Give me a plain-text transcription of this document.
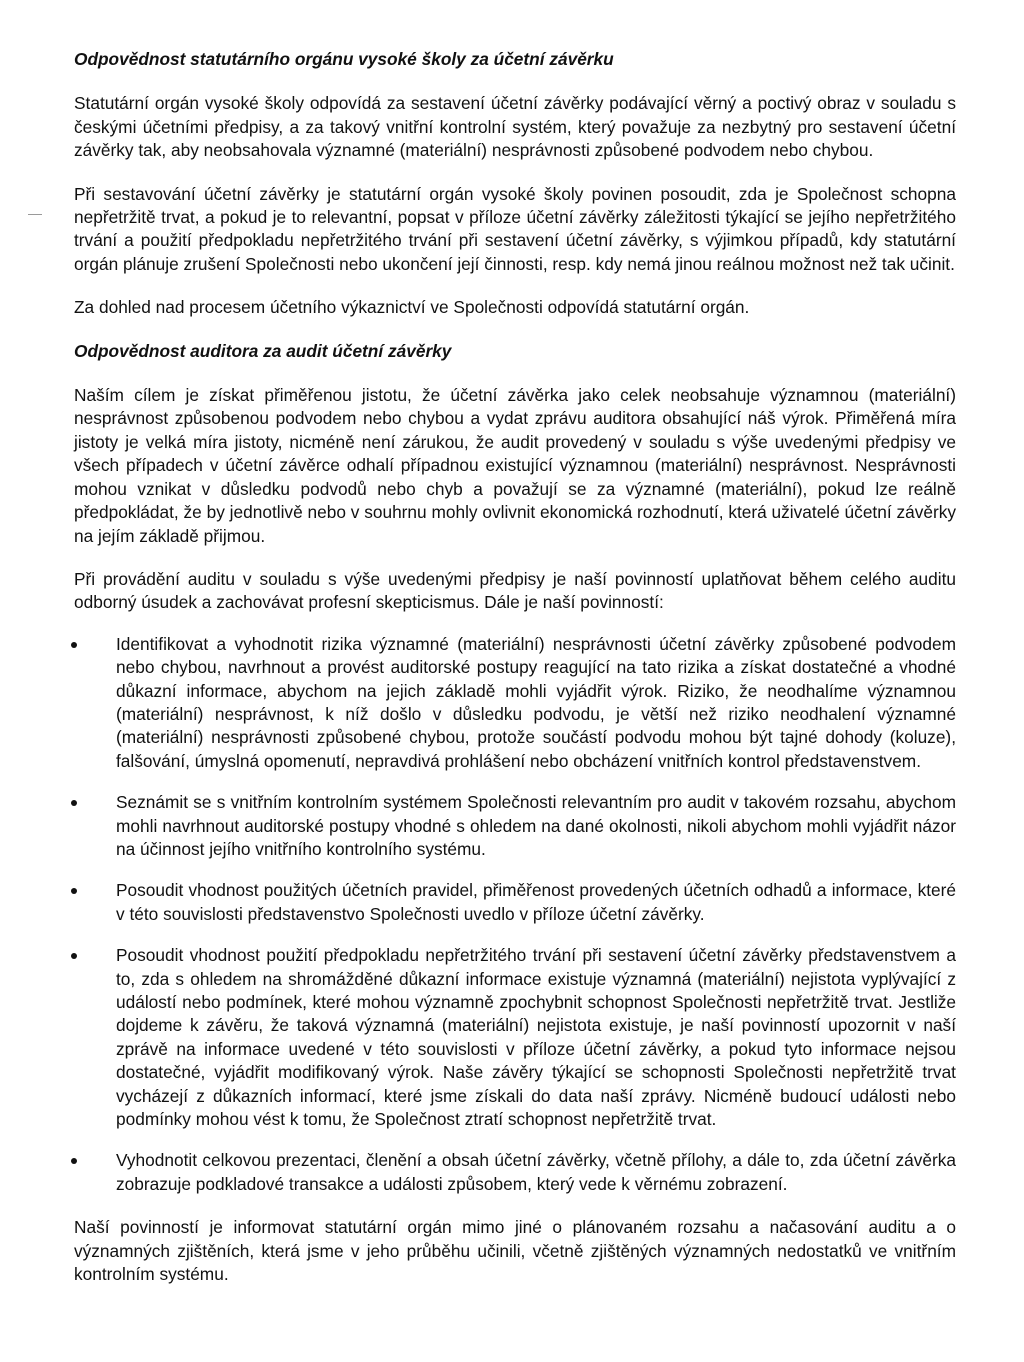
Odpovědnost statutárního orgánu vysoké školy za účetní závěrku

Statutární orgán vysoké školy odpovídá za sestavení účetní závěrky podávající věrný a poctivý obraz v souladu s českými účetními předpisy, a za takový vnitřní kontrolní systém, který považuje za nezbytný pro sestavení účetní závěrky tak, aby neobsahovala významné (materiální) nesprávnosti způsobené podvodem nebo chybou.

Při sestavování účetní závěrky je statutární orgán vysoké školy povinen posoudit, zda je Společnost schopna nepřetržitě trvat, a pokud je to relevantní, popsat v příloze účetní závěrky záležitosti týkající se jejího nepřetržitého trvání a použití předpokladu nepřetržitého trvání při sestavení účetní závěrky, s výjimkou případů, kdy statutární orgán plánuje zrušení Společnosti nebo ukončení její činnosti, resp. kdy nemá jinou reálnou možnost než tak učinit.

Za dohled nad procesem účetního výkaznictví ve Společnosti odpovídá statutární orgán.

Odpovědnost auditora za audit účetní závěrky

Naším cílem je získat přiměřenou jistotu, že účetní závěrka jako celek neobsahuje významnou (materiální) nesprávnost způsobenou podvodem nebo chybou a vydat zprávu auditora obsahující náš výrok. Přiměřená míra jistoty je velká míra jistoty, nicméně není zárukou, že audit provedený v souladu s výše uvedenými předpisy ve všech případech v účetní závěrce odhalí případnou existující významnou (materiální) nesprávnost. Nesprávnosti mohou vznikat v důsledku podvodů nebo chyb a považují se za významné (materiální), pokud lze reálně předpokládat, že by jednotlivě nebo v souhrnu mohly ovlivnit ekonomická rozhodnutí, která uživatelé účetní závěrky na jejím základě přijmou.

Při provádění auditu v souladu s výše uvedenými předpisy je naší povinností uplatňovat během celého auditu odborný úsudek a zachovávat profesní skepticismus. Dále je naší povinností:

Identifikovat a vyhodnotit rizika významné (materiální) nesprávnosti účetní závěrky způsobené podvodem nebo chybou, navrhnout a provést auditorské postupy reagující na tato rizika a získat dostatečné a vhodné důkazní informace, abychom na jejich základě mohli vyjádřit výrok. Riziko, že neodhalíme významnou (materiální) nesprávnost, k níž došlo v důsledku podvodu, je větší než riziko neodhalení významné (materiální) nesprávnosti způsobené chybou, protože součástí podvodu mohou být tajné dohody (koluze), falšování, úmyslná opomenutí, nepravdivá prohlášení nebo obcházení vnitřních kontrol představenstvem.
Seznámit se s vnitřním kontrolním systémem Společnosti relevantním pro audit v takovém rozsahu, abychom mohli navrhnout auditorské postupy vhodné s ohledem na dané okolnosti, nikoli abychom mohli vyjádřit názor na účinnost jejího vnitřního kontrolního systému.
Posoudit vhodnost použitých účetních pravidel, přiměřenost provedených účetních odhadů a informace, které v této souvislosti představenstvo Společnosti uvedlo v příloze účetní závěrky.
Posoudit vhodnost použití předpokladu nepřetržitého trvání při sestavení účetní závěrky představenstvem a to, zda s ohledem na shromážděné důkazní informace existuje významná (materiální) nejistota vyplývající z událostí nebo podmínek, které mohou významně zpochybnit schopnost Společnosti nepřetržitě trvat. Jestliže dojdeme k závěru, že taková významná (materiální) nejistota existuje, je naší povinností upozornit v naší zprávě na informace uvedené v této souvislosti v příloze účetní závěrky, a pokud tyto informace nejsou dostatečné, vyjádřit modifikovaný výrok. Naše závěry týkající se schopnosti Společnosti nepřetržitě trvat vycházejí z důkazních informací, které jsme získali do data naší zprávy. Nicméně budoucí události nebo podmínky mohou vést k tomu, že Společnost ztratí schopnost nepřetržitě trvat.
Vyhodnotit celkovou prezentaci, členění a obsah účetní závěrky, včetně přílohy, a dále to, zda účetní závěrka zobrazuje podkladové transakce a události způsobem, který vede k věrnému zobrazení.

Naší povinností je informovat statutární orgán mimo jiné o plánovaném rozsahu a načasování auditu a o významných zjištěních, která jsme v jeho průběhu učinili, včetně zjištěných významných nedostatků ve vnitřním kontrolním systému.
